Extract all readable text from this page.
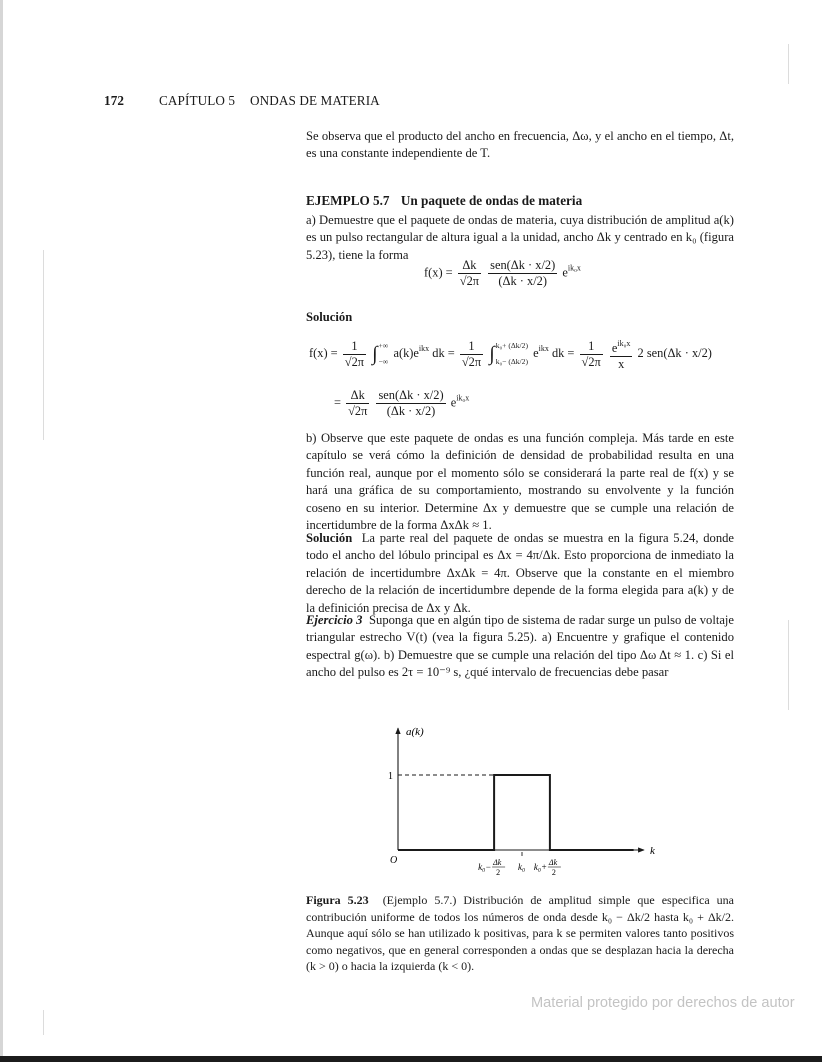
172	CAPÍTULO 5 ONDAS DE MATERIA
Se observa que el producto del ancho en frecuencia, Δω, y el ancho en el tiempo, Δt, es una constante independiente de T.
EJEMPLO 5.7 Un paquete de ondas de materia
a) Demuestre que el paquete de ondas de materia, cuya distribución de amplitud a(k) es un pulso rectangular de altura igual a la unidad, ancho Δk y centrado en k₀ (figura 5.23), tiene la forma
$f(x) = \frac{\Delta k}{√2\pi}$
$\frac{\text{sen(Δk · x/2)}}{(\Delta k \cdot x/2)} e^{ik_0x}$
Solución
$f(x) = \frac{1}{√2\pi}$ ∫+∞
−∞ $a(k)e^{ikx}$ dk = $\frac{1}{√2\pi} \int k_0+ (\Delta k/2)$
k₀− (Δk/2) $e^{ikx}$ dk = $\frac{1}{√2\pi}$
$\frac{e^{ik_0x}}{x} 2$ sen(Δk · x/2)
= $\frac{\Delta k}{√2\pi}$
$\frac{\text{sen(Δk · x/2)}}{(\Delta k \cdot x/2)} e^{ik_0x}$
b) Observe que este paquete de ondas es una función compleja. Más tarde en este capítulo se verá cómo la definición de densidad de probabilidad resulta en una función real, aunque por el momento sólo se considerará la parte real de f(x) y se hará una gráfica de su comportamiento, mostrando su envolvente y la función coseno en su interior. Determine Δx y demuestre que se cumple una relación de incertidumbre de la forma ΔxΔk ≈ 1.
Solución La parte real del paquete de ondas se muestra en la figura 5.24, donde todo el ancho del lóbulo principal es Δx = 4π/Δk. Esto proporciona de inmediato la relación de incertidumbre ΔxΔk = 4π. Observe que la constante en el miembro derecho de la relación de incertidumbre depende de la forma elegida para a(k) y de la definición precisa de Δx y Δk.
Ejercicio 3 Suponga que en algún tipo de sistema de radar surge un pulso de voltaje triangular estrecho V(t) (vea la figura 5.25). a) Encuentre y grafique el contenido espectral g(ω). b) Demuestre que se cumple una relación del tipo Δω Δt ≈ 1. c) Si el ancho del pulso es 2τ = 10⁻⁹ s, ¿qué intervalo de frecuencias debe pasar
a(k)
k
O
1
k₀− Δk
2
k₀ k₀+ Δk
2
Figura 5.23 (Ejemplo 5.7.) Distribución de amplitud simple que especifica una contribución uniforme de todos los números de onda desde k₀ − Δk/2 hasta k₀ + Δk/2. Aunque aquí sólo se han utilizado k positivas, para k se permiten valores tanto positivos como negativos, que en general corresponden a ondas que se desplazan hacia la derecha (k > 0) o hacia la izquierda (k < 0).
Material protegido por derechos de autor
